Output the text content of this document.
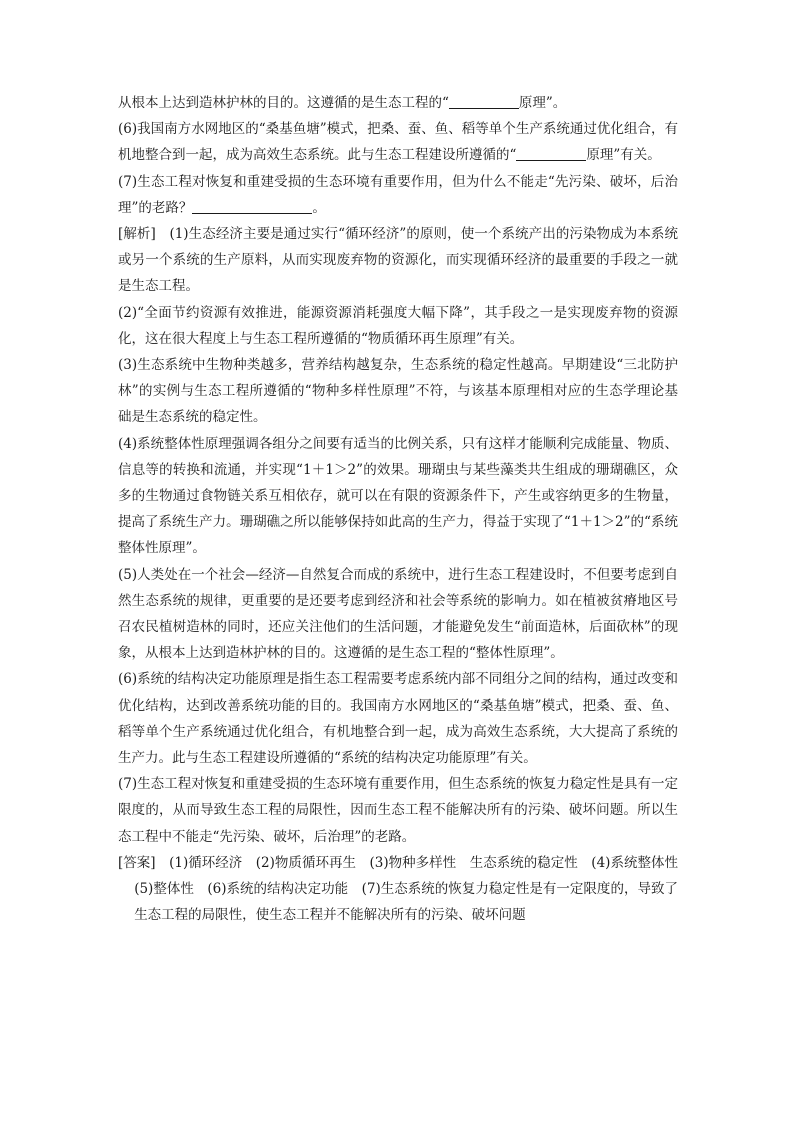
从根本上达到造林护林的目的。这遵循的是生态工程的“	原理”。

(6)我国南方水网地区的“桑基鱼塘”模式，把桑、蚕、鱼、稻等单个生产系统通过优化组合，有机地整合到一起，成为高效生态系统。此与生态工程建设所遵循的“	原理”有关。

(7)生态工程对恢复和重建受损的生态环境有重要作用，但为什么不能走“先污染、破坏，后治理”的老路？	。

[解析]　(1)生态经济主要是通过实行“循环经济”的原则，使一个系统产出的污染物成为本系统或另一个系统的生产原料，从而实现废弃物的资源化，而实现循环经济的最重要的手段之一就是生态工程。

(2)“全面节约资源有效推进，能源资源消耗强度大幅下降”，其手段之一是实现废弃物的资源化，这在很大程度上与生态工程所遵循的“物质循环再生原理”有关。

(3)生态系统中生物种类越多，营养结构越复杂，生态系统的稳定性越高。早期建设“三北防护林”的实例与生态工程所遵循的“物种多样性原理”不符，与该基本原理相对应的生态学理论基础是生态系统的稳定性。

(4)系统整体性原理强调各组分之间要有适当的比例关系，只有这样才能顺利完成能量、物质、信息等的转换和流通，并实现“1＋1＞2”的效果。珊瑚虫与某些藻类共生组成的珊瑚礁区，众多的生物通过食物链关系互相依存，就可以在有限的资源条件下，产生或容纳更多的生物量，提高了系统生产力。珊瑚礁之所以能够保持如此高的生产力，得益于实现了“1＋1＞2”的“系统整体性原理”。

(5)人类处在一个社会—经济—自然复合而成的系统中，进行生态工程建设时，不但要考虑到自然生态系统的规律，更重要的是还要考虑到经济和社会等系统的影响力。如在植被贫瘠地区号召农民植树造林的同时，还应关注他们的生活问题，才能避免发生“前面造林，后面砍林”的现象，从根本上达到造林护林的目的。这遵循的是生态工程的“整体性原理”。

(6)系统的结构决定功能原理是指生态工程需要考虑系统内部不同组分之间的结构，通过改变和优化结构，达到改善系统功能的目的。我国南方水网地区的“桑基鱼塘”模式，把桑、蚕、鱼、稻等单个生产系统通过优化组合，有机地整合到一起，成为高效生态系统，大大提高了系统的生产力。此与生态工程建设所遵循的“系统的结构决定功能原理”有关。

(7)生态工程对恢复和重建受损的生态环境有重要作用，但生态系统的恢复力稳定性是具有一定限度的，从而导致生态工程的局限性，因而生态工程不能解决所有的污染、破坏问题。所以生态工程中不能走“先污染、破坏，后治理”的老路。

[答案]　(1)循环经济　(2)物质循环再生　(3)物种多样性　生态系统的稳定性　(4)系统整体性　(5)整体性　(6)系统的结构决定功能　(7)生态系统的恢复力稳定性是有一定限度的，导致了生态工程的局限性，使生态工程并不能解决所有的污染、破坏问题
